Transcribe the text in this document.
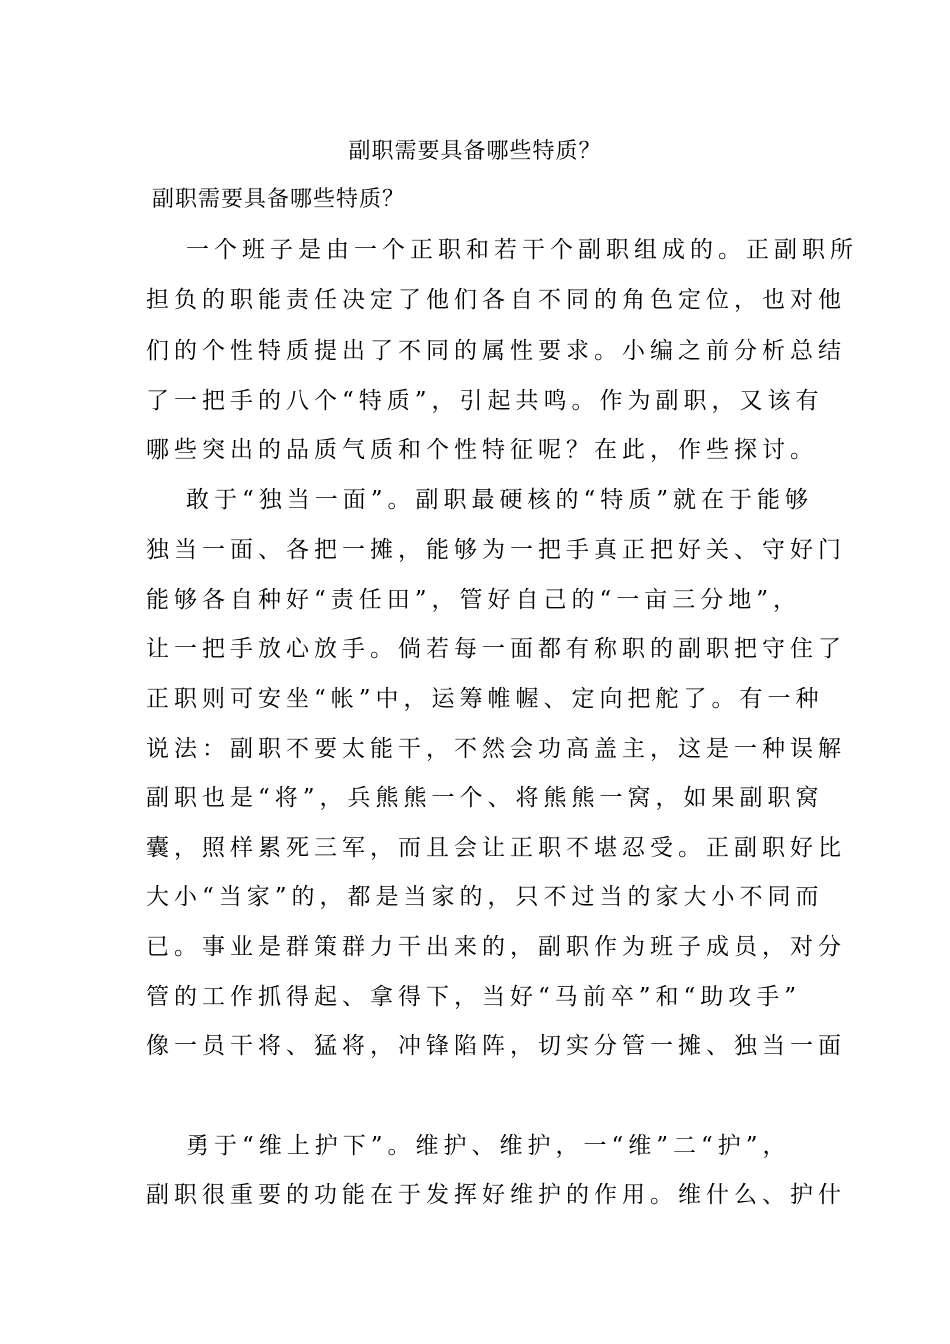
副职需要具备哪些特质？
副职需要具备哪些特质？
一个班子是由一个正职和若干个副职组成的。正副职所
担负的职能责任决定了他们各自不同的角色定位，也对他
们的个性特质提出了不同的属性要求。小编之前分析总结
了一把手的八个“特质”，引起共鸣。作为副职，又该有
哪些突出的品质气质和个性特征呢？在此，作些探讨。
敢于“独当一面”。副职最硬核的“特质”就在于能够
独当一面、各把一摊，能够为一把手真正把好关、守好门
能够各自种好“责任田”，管好自己的“一亩三分地”，
让一把手放心放手。倘若每一面都有称职的副职把守住了
正职则可安坐“帐”中，运筹帷幄、定向把舵了。有一种
说法：副职不要太能干，不然会功高盖主，这是一种误解
副职也是“将”，兵熊熊一个、将熊熊一窝，如果副职窝
囊，照样累死三军，而且会让正职不堪忍受。正副职好比
大小“当家”的，都是当家的，只不过当的家大小不同而
已。事业是群策群力干出来的，副职作为班子成员，对分
管的工作抓得起、拿得下，当好“马前卒”和“助攻手”
像一员干将、猛将，冲锋陷阵，切实分管一摊、独当一面
勇于“维上护下”。维护、维护，一“维”二“护”，
副职很重要的功能在于发挥好维护的作用。维什么、护什
